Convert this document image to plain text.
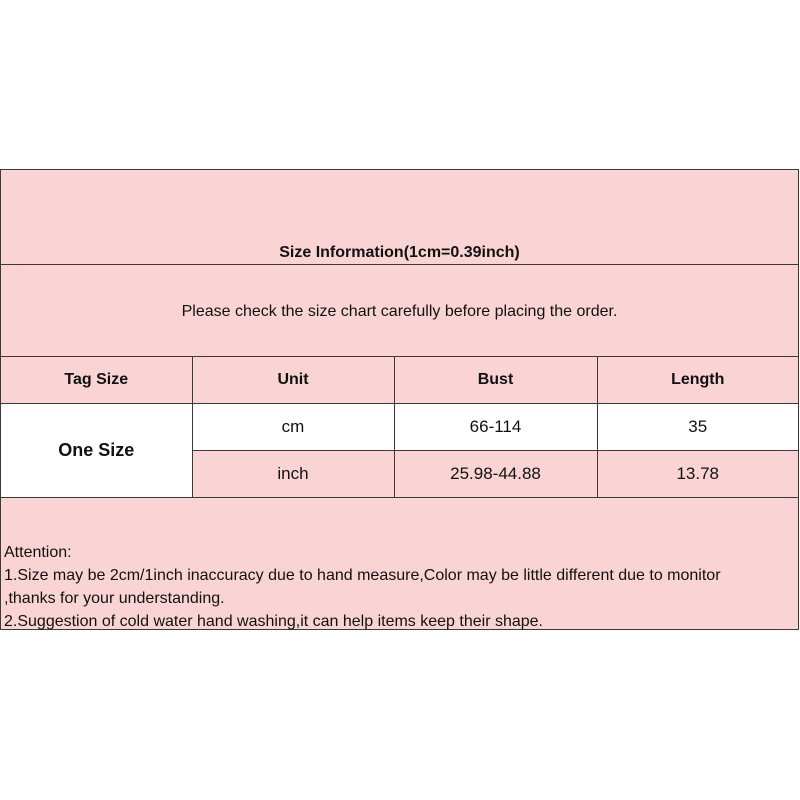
Size Information(1cm=0.39inch)
Please check the size chart carefully before placing the order.
Tag Size	Unit	Bust	Length
One Size	cm	66-114	35
	inch	25.98-44.88	13.78
Attention:
1.Size may be 2cm/1inch inaccuracy due to hand measure,Color may be little different due to monitor
,thanks for your understanding.
2.Suggestion of cold water hand washing,it can help items keep their shape.
